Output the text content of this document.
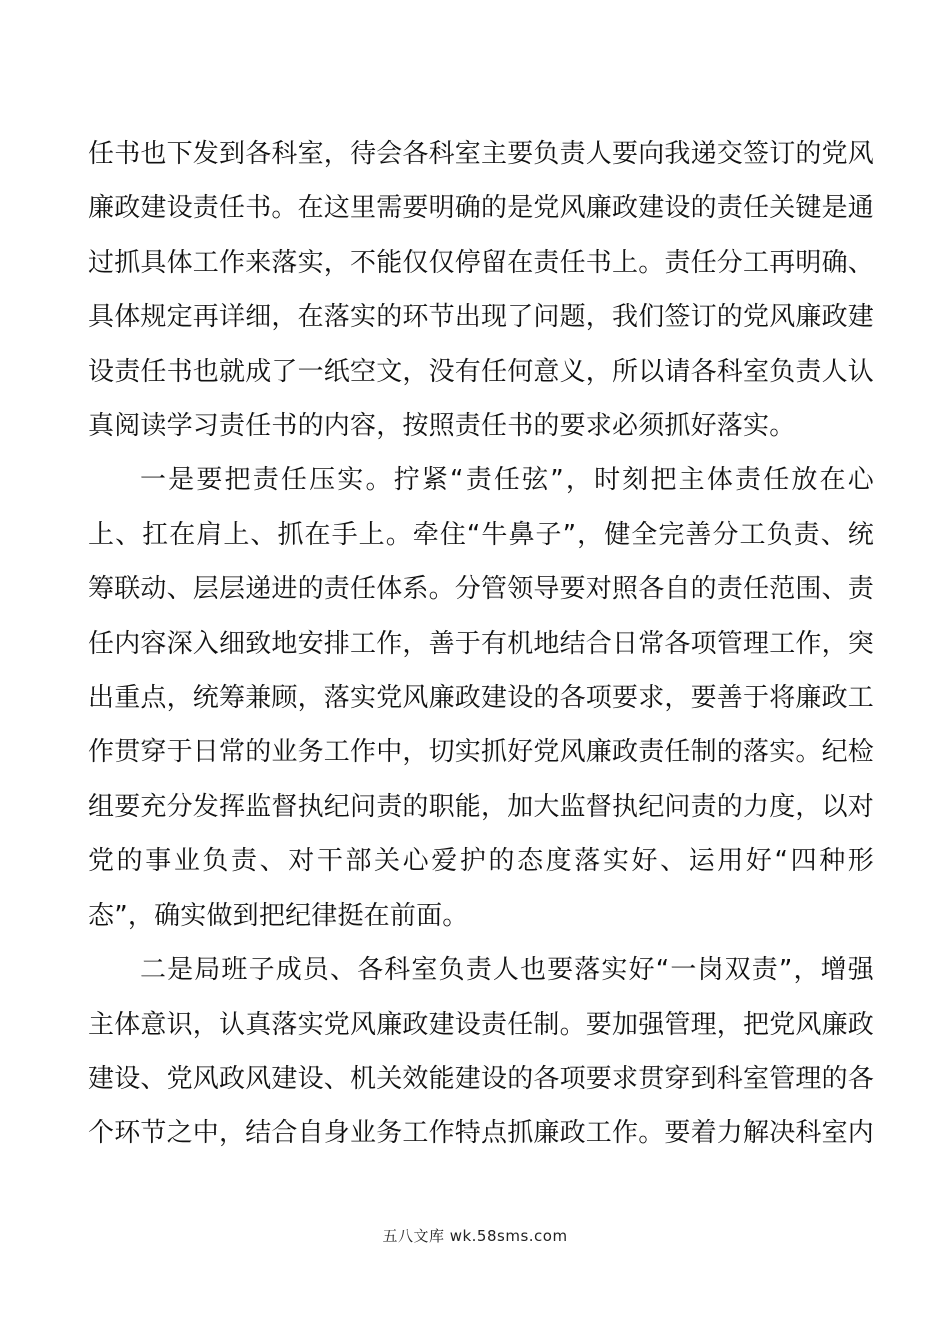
任书也下发到各科室，待会各科室主要负责人要向我递交签订的党风廉政建设责任书。在这里需要明确的是党风廉政建设的责任关键是通过抓具体工作来落实，不能仅仅停留在责任书上。责任分工再明确、具体规定再详细，在落实的环节出现了问题，我们签订的党风廉政建设责任书也就成了一纸空文，没有任何意义，所以请各科室负责人认真阅读学习责任书的内容，按照责任书的要求必须抓好落实。

一是要把责任压实。拧紧“责任弦”，时刻把主体责任放在心上、扛在肩上、抓在手上。牵住“牛鼻子”，健全完善分工负责、统筹联动、层层递进的责任体系。分管领导要对照各自的责任范围、责任内容深入细致地安排工作，善于有机地结合日常各项管理工作，突出重点，统筹兼顾，落实党风廉政建设的各项要求，要善于将廉政工作贯穿于日常的业务工作中，切实抓好党风廉政责任制的落实。纪检组要充分发挥监督执纪问责的职能，加大监督执纪问责的力度，以对党的事业负责、对干部关心爱护的态度落实好、运用好“四种形态”，确实做到把纪律挺在前面。

二是局班子成员、各科室负责人也要落实好“一岗双责”，增强主体意识，认真落实党风廉政建设责任制。要加强管理，把党风廉政建设、党风政风建设、机关效能建设的各项要求贯穿到科室管理的各个环节之中，结合自身业务工作特点抓廉政工作。要着力解决科室内

五八文库 wk.58sms.com
